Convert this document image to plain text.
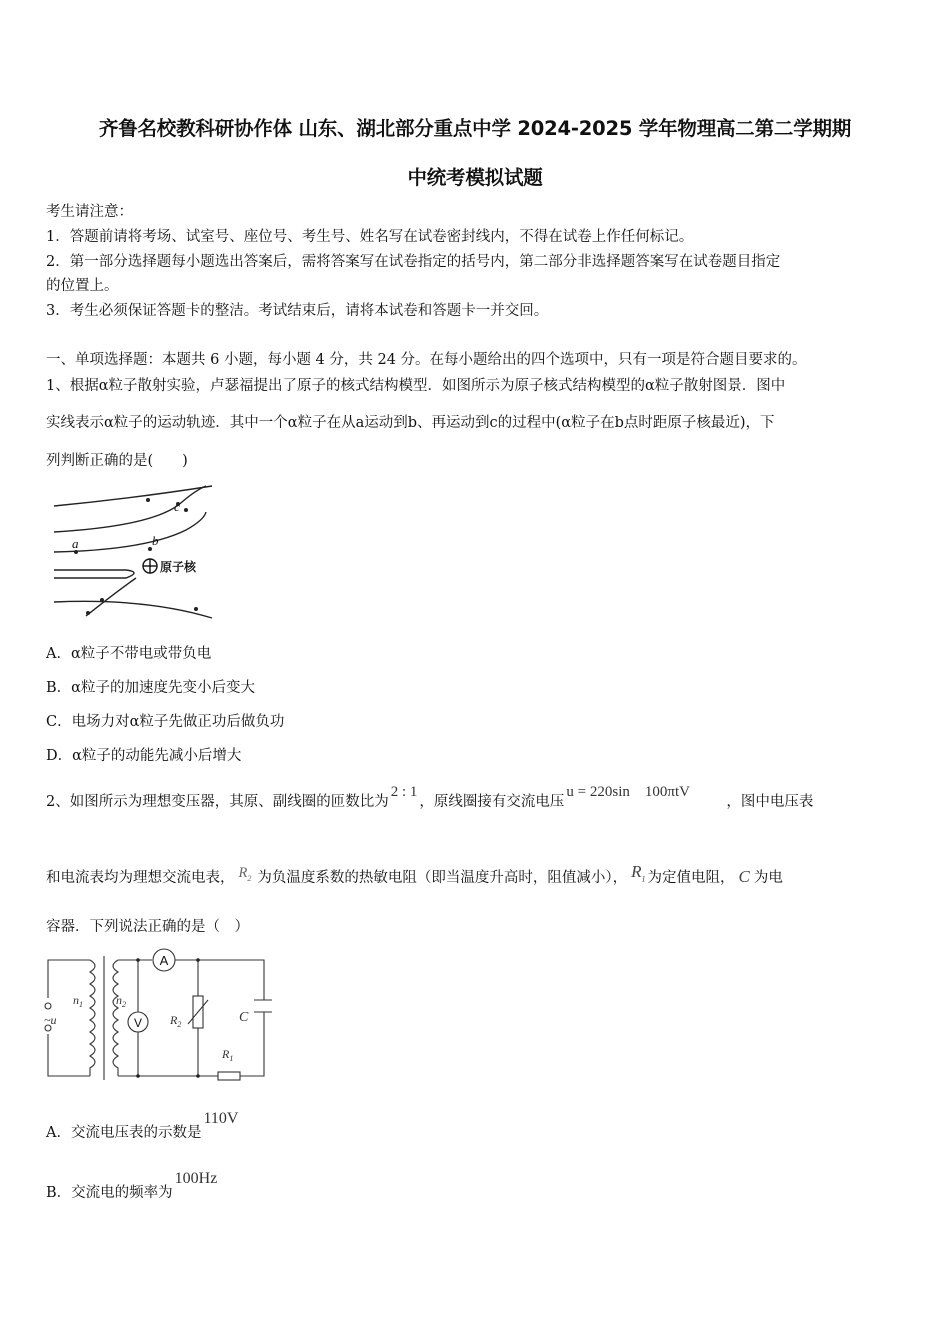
齐鲁名校教科研协作体 山东、湖北部分重点中学 2024-2025 学年物理高二第二学期期
中统考模拟试题
考生请注意：
1．答题前请将考场、试室号、座位号、考生号、姓名写在试卷密封线内，不得在试卷上作任何标记。
2．第一部分选择题每小题选出答案后，需将答案写在试卷指定的括号内，第二部分非选择题答案写在试卷题目指定
的位置上。
3．考生必须保证答题卡的整洁。考试结束后，请将本试卷和答题卡一并交回。
一、单项选择题：本题共 6 小题，每小题 4 分，共 24 分。在每小题给出的四个选项中，只有一项是符合题目要求的。
1、根据α粒子散射实验，卢瑟福提出了原子的核式结构模型．如图所示为原子核式结构模型的α粒子散射图景．图中
实线表示α粒子的运动轨迹．其中一个α粒子在从a运动到b、再运动到c的过程中(α粒子在b点时距原子核最近)，下
列判断正确的是(　　)
a	b
c
原子核
A．α粒子不带电或带负电
B．α粒子的加速度先变小后变大
C．电场力对α粒子先做正功后做负功
D．α粒子的动能先减小后增大
2、如图所示为理想变压器，其原、副线圈的匝数比为2 : 1，原线圈接有交流电压u = 220sin　100πtV，图中电压表
和电流表均为理想交流电表， $R_2$ 为负温度系数的热敏电阻（即当温度升高时，阻值减小）， $R_1$ 为定值电阻， C 为电
容器．下列说法正确的是（　）
A
V
$n_1$	$n_2$
~u	$R_2$
$R_1$
C
A．交流电压表的示数是110V
B．交流电的频率为100Hz
